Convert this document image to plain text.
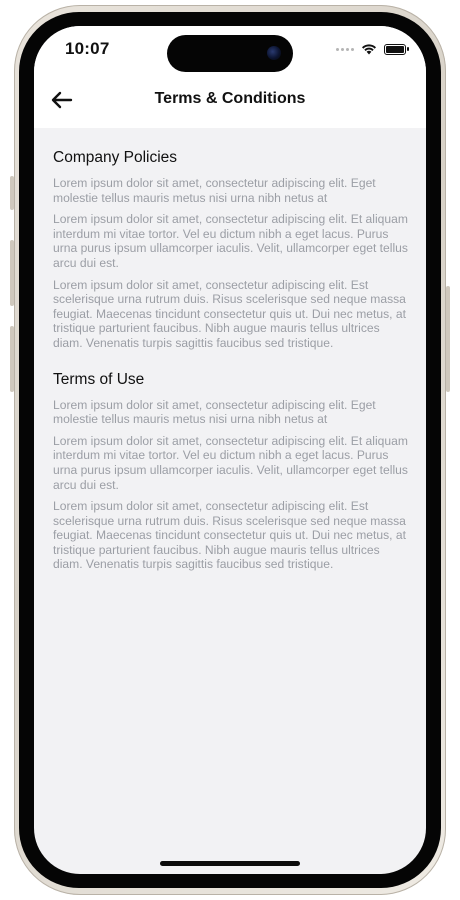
10:07
Terms & Conditions
Company Policies

Lorem ipsum dolor sit amet, consectetur adipiscing elit. Eget molestie tellus mauris metus nisi urna nibh netus at

Lorem ipsum dolor sit amet, consectetur adipiscing elit. Et aliquam interdum mi vitae tortor. Vel eu dictum nibh a eget lacus. Purus urna purus ipsum ullamcorper iaculis. Velit, ullamcorper eget tellus arcu dui est.

Lorem ipsum dolor sit amet, consectetur adipiscing elit. Est scelerisque urna rutrum duis. Risus scelerisque sed neque massa feugiat. Maecenas tincidunt consectetur quis ut. Dui nec metus, at tristique parturient faucibus. Nibh augue mauris tellus ultrices diam. Venenatis turpis sagittis faucibus sed tristique.

Terms of Use

Lorem ipsum dolor sit amet, consectetur adipiscing elit. Eget molestie tellus mauris metus nisi urna nibh netus at

Lorem ipsum dolor sit amet, consectetur adipiscing elit. Et aliquam interdum mi vitae tortor. Vel eu dictum nibh a eget lacus. Purus urna purus ipsum ullamcorper iaculis. Velit, ullamcorper eget tellus arcu dui est.

Lorem ipsum dolor sit amet, consectetur adipiscing elit. Est scelerisque urna rutrum duis. Risus scelerisque sed neque massa feugiat. Maecenas tincidunt consectetur quis ut. Dui nec metus, at tristique parturient faucibus. Nibh augue mauris tellus ultrices diam. Venenatis turpis sagittis faucibus sed tristique.
